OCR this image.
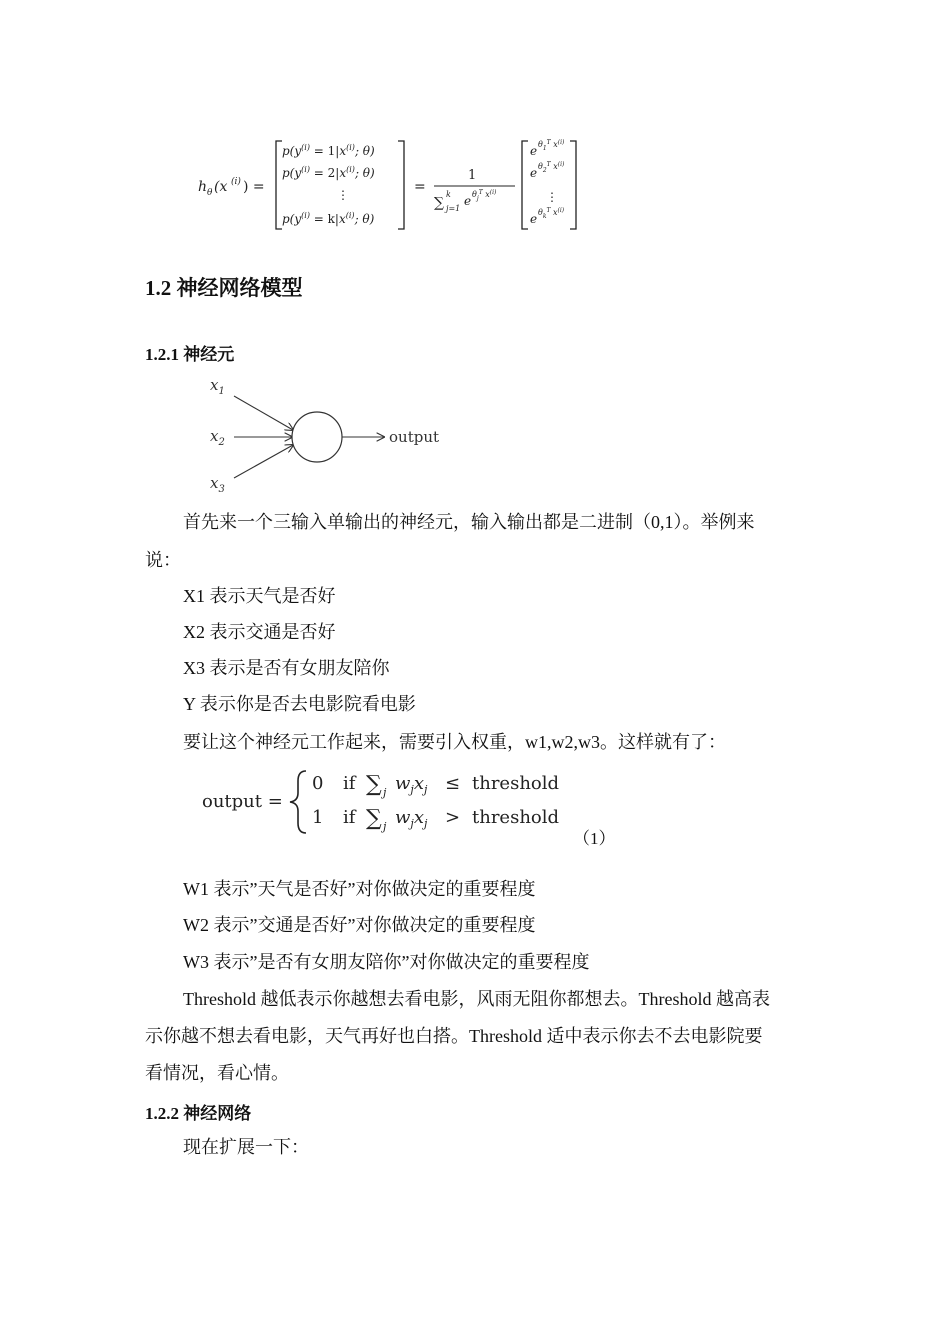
h θ (x (i) ) =
$p(y^{(i)} = 1|x^{(i)}$; θ)
$p(y^{(i)} = 2|x^{(i)}$; θ)
⋮
$p(y^{(i)} = k|x^{(i)}$; θ)
=
1
∑
k
j=1
e $\theta_j^T$ $x^{(i)}$
e $\theta_1^T$ $x^{(i)}$
e $\theta_2^T$ $x^{(i)}$
⋮
e $\theta_k^T$ $x^{(i)}$
1.2 神经网络模型
1.2.1 神经元
$x_1$
$x_2$
$x_3$
output
首先来一个三输入单输出的神经元，输入输出都是二进制（0,1）。举例来
说：
X1 表示天气是否好
X2 表示交通是否好
X3 表示是否有女朋友陪你
Y 表示你是否去电影院看电影
要让这个神经元工作起来，需要引入权重，w1,w2,w3。这样就有了：
output =
0 if ∑ j $w_jx_j$ ≤ threshold
1 if ∑ j $w_jx_j$ > threshold
（1）
W1 表示”天气是否好”对你做决定的重要程度
W2 表示”交通是否好”对你做决定的重要程度
W3 表示”是否有女朋友陪你”对你做决定的重要程度
Threshold 越低表示你越想去看电影，风雨无阻你都想去。Threshold 越高表
示你越不想去看电影，天气再好也白搭。Threshold 适中表示你去不去电影院要
看情况，看心情。
1.2.2 神经网络
现在扩展一下：
